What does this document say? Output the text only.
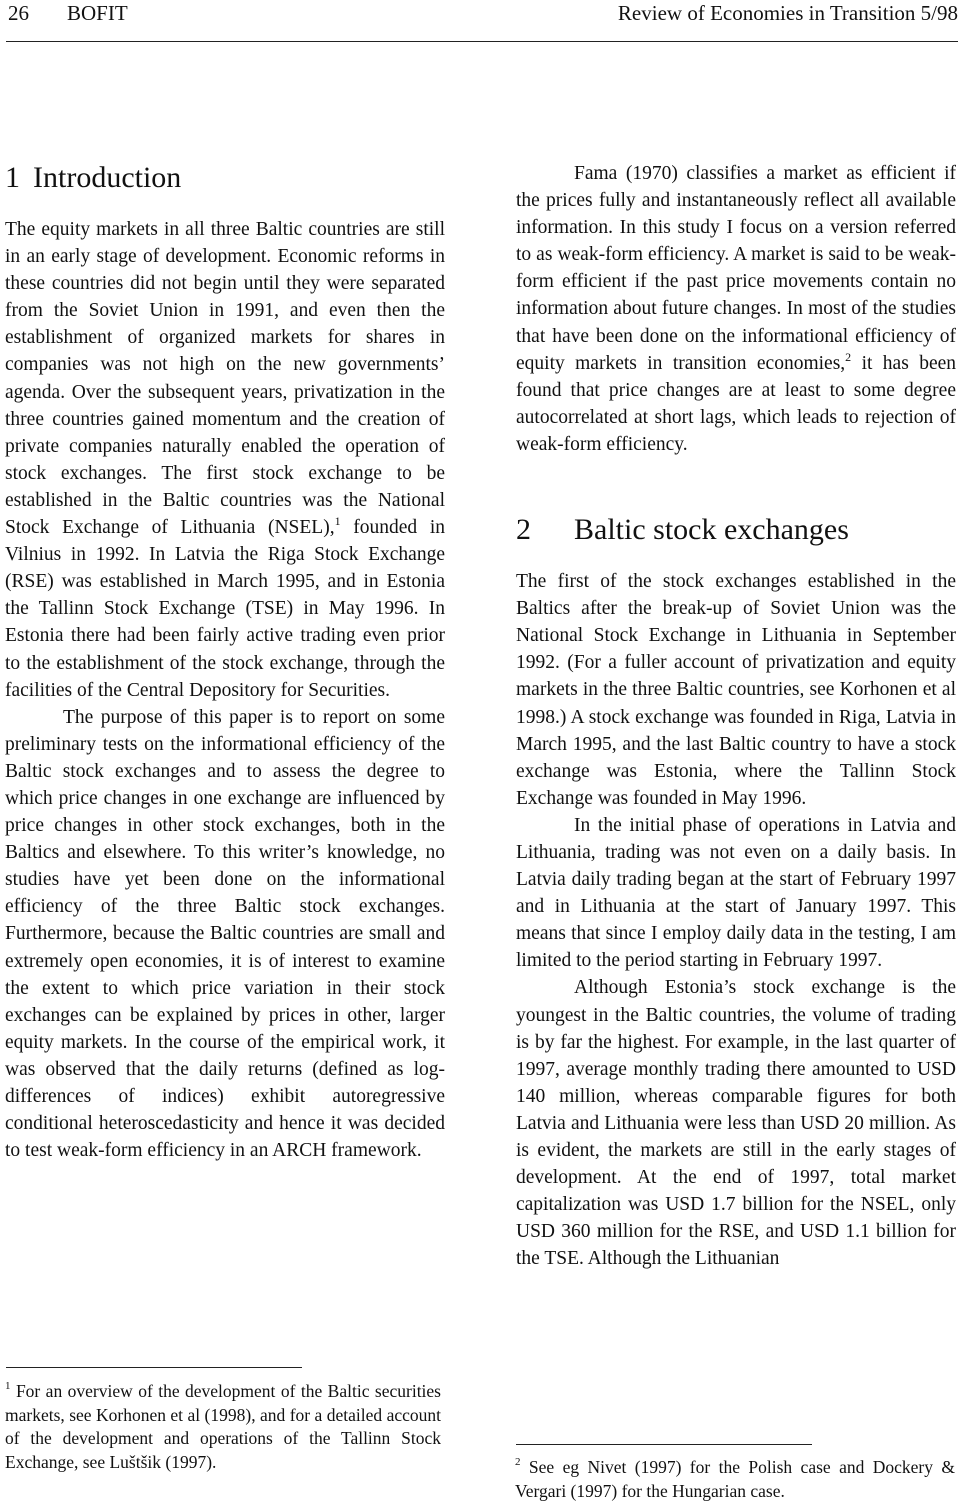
26 BOFIT	Review of Economies in Transition 5/98
1 Introduction

The equity markets in all three Baltic countries are still in an early stage of development. Economic reforms in these countries did not begin until they were separated from the Soviet Union in 1991, and even then the establishment of organized markets for shares in companies was not high on the new governments’ agenda. Over the subsequent years, privatization in the three countries gained momentum and the creation of private companies naturally enabled the operation of stock exchanges. The first stock exchange to be established in the Baltic countries was the National Stock Exchange of Lithuania (NSEL),$^1$ founded in Vilnius in 1992. In Latvia the Riga Stock Exchange (RSE) was established in March 1995, and in Estonia the Tallinn Stock Exchange (TSE) in May 1996. In Estonia there had been fairly active trading even prior to the establishment of the stock exchange, through the facilities of the Central Depository for Securities.

The purpose of this paper is to report on some preliminary tests on the informational efficiency of the Baltic stock exchanges and to assess the degree to which price changes in one exchange are influenced by price changes in other stock exchanges, both in the Baltics and elsewhere. To this writer’s knowledge, no studies have yet been done on the informational efficiency of the three Baltic stock exchanges. Furthermore, because the Baltic countries are small and extremely open economies, it is of interest to examine the extent to which price variation in their stock exchanges can be explained by prices in other, larger equity markets. In the course of the empirical work, it was observed that the daily returns (defined as log-differences of indices) exhibit autoregressive conditional heteroscedasticity and hence it was decided to test weak-form efficiency in an ARCH framework.

$^1$ For an overview of the development of the Baltic securities markets, see Korhonen et al (1998), and for a detailed account of the development and operations of the Tallinn Stock Exchange, see Luštšik (1997).

Fama (1970) classifies a market as efficient if the prices fully and instantaneously reflect all available information. In this study I focus on a version referred to as weak-form efficiency. A market is said to be weak-form efficient if the past price movements contain no information about future changes. In most of the studies that have been done on the informational efficiency of equity markets in transition economies,$^2$ it has been found that price changes are at least to some degree autocorrelated at short lags, which leads to rejection of weak-form efficiency.

2 Baltic stock exchanges

The first of the stock exchanges established in the Baltics after the break-up of Soviet Union was the National Stock Exchange in Lithuania in September 1992. (For a fuller account of privatization and equity markets in the three Baltic countries, see Korhonen et al 1998.) A stock exchange was founded in Riga, Latvia in March 1995, and the last Baltic country to have a stock exchange was Estonia, where the Tallinn Stock Exchange was founded in May 1996.

In the initial phase of operations in Latvia and Lithuania, trading was not even on a daily basis. In Latvia daily trading began at the start of February 1997 and in Lithuania at the start of January 1997. This means that since I employ daily data in the testing, I am limited to the period starting in February 1997.

Although Estonia’s stock exchange is the youngest in the Baltic countries, the volume of trading is by far the highest. For example, in the last quarter of 1997, average monthly trading there amounted to USD 140 million, whereas comparable figures for both Latvia and Lithuania were less than USD 20 million. As is evident, the markets are still in the early stages of development. At the end of 1997, total market capitalization was USD 1.7 billion for the NSEL, only USD 360 million for the RSE, and USD 1.1 billion for the TSE. Although the Lithuanian

$^2$ See eg Nivet (1997) for the Polish case and Dockery & Vergari (1997) for the Hungarian case.
